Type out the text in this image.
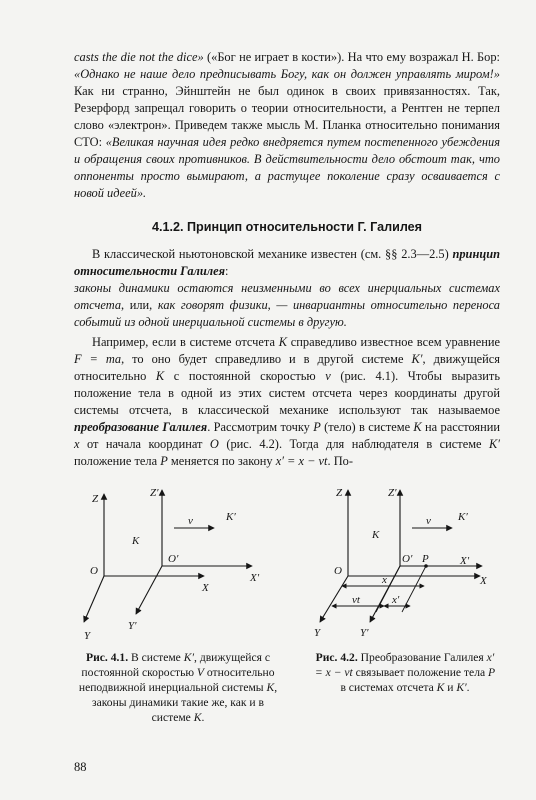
casts the die not the dice» («Бог не играет в кости»). На что ему возражал Н. Бор: «Однако не наше дело предписывать Богу, как он должен управлять миром!» Как ни странно, Эйнштейн не был одинок в своих привязанностях. Так, Резерфорд запрещал говорить о теории относительности, а Рентген не терпел слово «электрон». Приведем также мысль М. Планка относительно понимания СТО: «Великая научная идея редко внедряется путем постепенного убеждения и обращения своих противников. В действительности дело обстоит так, что оппоненты просто вымирают, а растущее поколение сразу осваивается с новой идеей».

4.1.2. Принцип относительности Г. Галилея

В классической ньютоновской механике известен (см. §§ 2.3—2.5) принцип относительности Галилея:

законы динамики остаются неизменными во всех инерциальных системах отсчета, или, как говорят физики, — инвариантны относительно переноса событий из одной инерциальной системы в другую.

Например, если в системе отсчета K справедливо известное всем уравнение F = ma, то оно будет справедливо и в другой системе K′, движущейся относительно K с постоянной скоростью v (рис. 4.1). Чтобы выразить положение тела в одной из этих систем отсчета через координаты другой системы отсчета, в классической механике используют так называемое преобразование Галилея. Рассмотрим точку P (тело) в системе K на расстоянии x от начала координат O (рис. 4.2). Тогда для наблюдателя в системе K′ положение тела P меняется по закону x′ = x − vt. По-

Z	Z′
K′
v⃗
K
O
O′
X′
X
Y′
Y
Z	Z′
K′
v⃗
K
O
O′ P	X′
X
x
vt	x′
Y′
Y
Рис. 4.1. В системе K′, движущейся с постоянной скоростью V относительно неподвижной инерциальной системы K, законы динамики такие же, как и в системе K.
Рис. 4.2. Преобразование Галилея x′ = x − vt связывает положение тела P в системах отсчета K и K′.
88
